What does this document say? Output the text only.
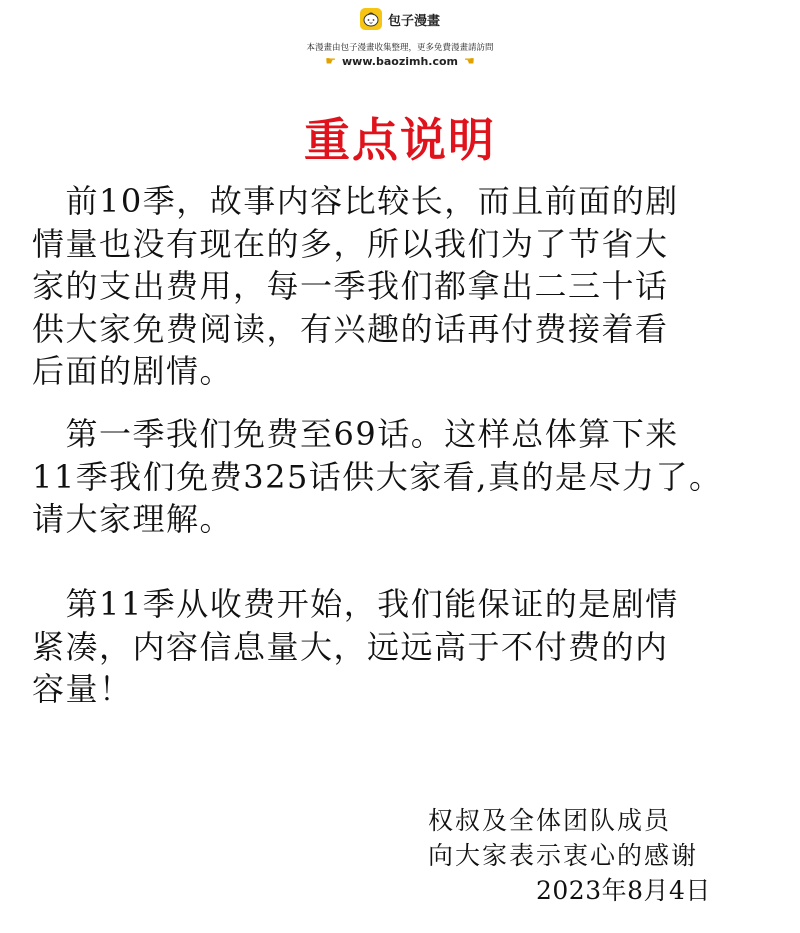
包子漫畫
本漫畫由包子漫畫收集整理，更多免費漫畫請訪問
☛ www.baozimh.com ☛
重点说明
　前10季，故事内容比较长，而且前面的剧
情量也没有现在的多，所以我们为了节省大
家的支出费用，每一季我们都拿出二三十话
供大家免费阅读，有兴趣的话再付费接着看
后面的剧情。
　第一季我们免费至69话。这样总体算下来
11季我们免费325话供大家看,真的是尽力了。
请大家理解。
　第11季从收费开始，我们能保证的是剧情
紧凑，内容信息量大，远远高于不付费的内
容量！
权叔及全体团队成员
向大家表示衷心的感谢
2023年8月4日
